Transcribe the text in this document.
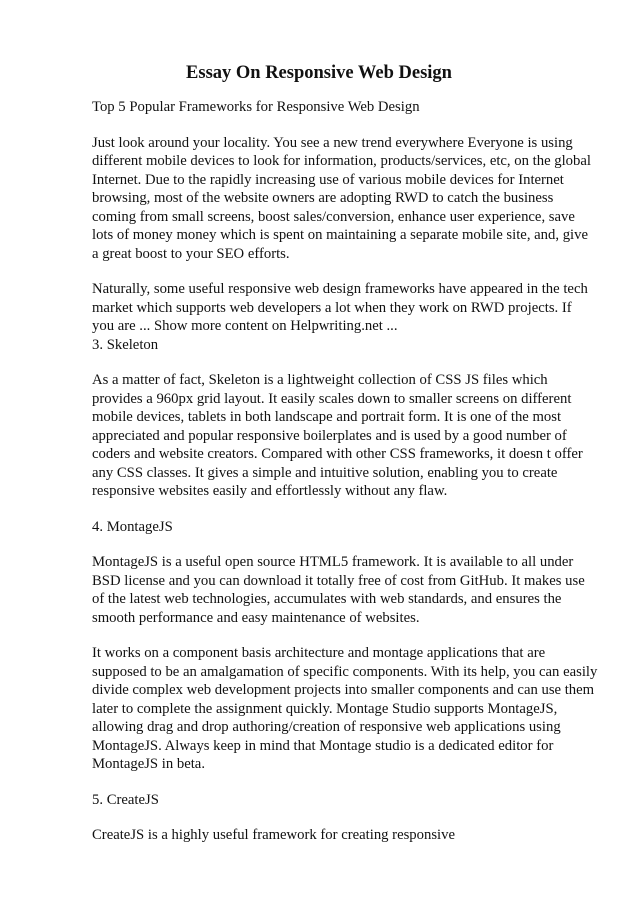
Essay On Responsive Web Design
Top 5 Popular Frameworks for Responsive Web Design
Just look around your locality. You see a new trend everywhere Everyone is using
different mobile devices to look for information, products/services, etc, on the global
Internet. Due to the rapidly increasing use of various mobile devices for Internet
browsing, most of the website owners are adopting RWD to catch the business
coming from small screens, boost sales/conversion, enhance user experience, save
lots of money money which is spent on maintaining a separate mobile site, and, give
a great boost to your SEO efforts.
Naturally, some useful responsive web design frameworks have appeared in the tech
market which supports web developers a lot when they work on RWD projects. If
you are ... Show more content on Helpwriting.net ...
3. Skeleton
As a matter of fact, Skeleton is a lightweight collection of CSS JS files which
provides a 960px grid layout. It easily scales down to smaller screens on different
mobile devices, tablets in both landscape and portrait form. It is one of the most
appreciated and popular responsive boilerplates and is used by a good number of
coders and website creators. Compared with other CSS frameworks, it doesn t offer
any CSS classes. It gives a simple and intuitive solution, enabling you to create
responsive websites easily and effortlessly without any flaw.
4. MontageJS
MontageJS is a useful open source HTML5 framework. It is available to all under
BSD license and you can download it totally free of cost from GitHub. It makes use
of the latest web technologies, accumulates with web standards, and ensures the
smooth performance and easy maintenance of websites.
It works on a component basis architecture and montage applications that are
supposed to be an amalgamation of specific components. With its help, you can easily
divide complex web development projects into smaller components and can use them
later to complete the assignment quickly. Montage Studio supports MontageJS,
allowing drag and drop authoring/creation of responsive web applications using
MontageJS. Always keep in mind that Montage studio is a dedicated editor for
MontageJS in beta.
5. CreateJS
CreateJS is a highly useful framework for creating responsive
